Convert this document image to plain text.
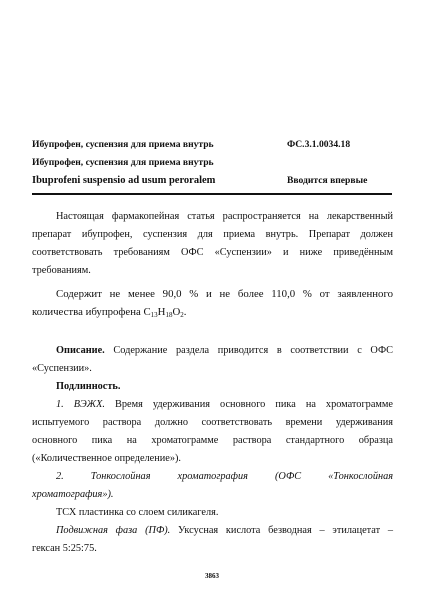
Ибупрофен, суспензия для приема внутрь	ФС.3.1.0034.18
Ибупрофен, суспензия для приема внутрь
Ibuprofeni suspensio ad usum peroralem	Вводится впервые
Настоящая фармакопейная статья распространяется на лекарственный
препарат ибупрофен, суспензия для приема внутрь. Препарат должен
соответствовать требованиям ОФС «Суспензии» и ниже приведённым
требованиям.
Содержит не менее 90,0 % и не более 110,0 % от заявленного
количества ибупрофена $C_{13}H_{18}O_2$.
Описание. Содержание раздела приводится в соответствии с ОФС
«Суспензии».
Подлинность.
1. ВЭЖХ. Время удерживания основного пика на хроматограмме
испытуемого раствора должно соответствовать времени удерживания
основного пика на хроматограмме раствора стандартного образца
(«Количественное определение»).
2. Тонкослойная	хроматография	(ОФС	«Тонкослойная
хроматография»).
ТСХ пластинка со слоем силикагеля.
Подвижная фаза (ПФ). Уксусная кислота безводная – этилацетат –
гексан 5:25:75.
3863
